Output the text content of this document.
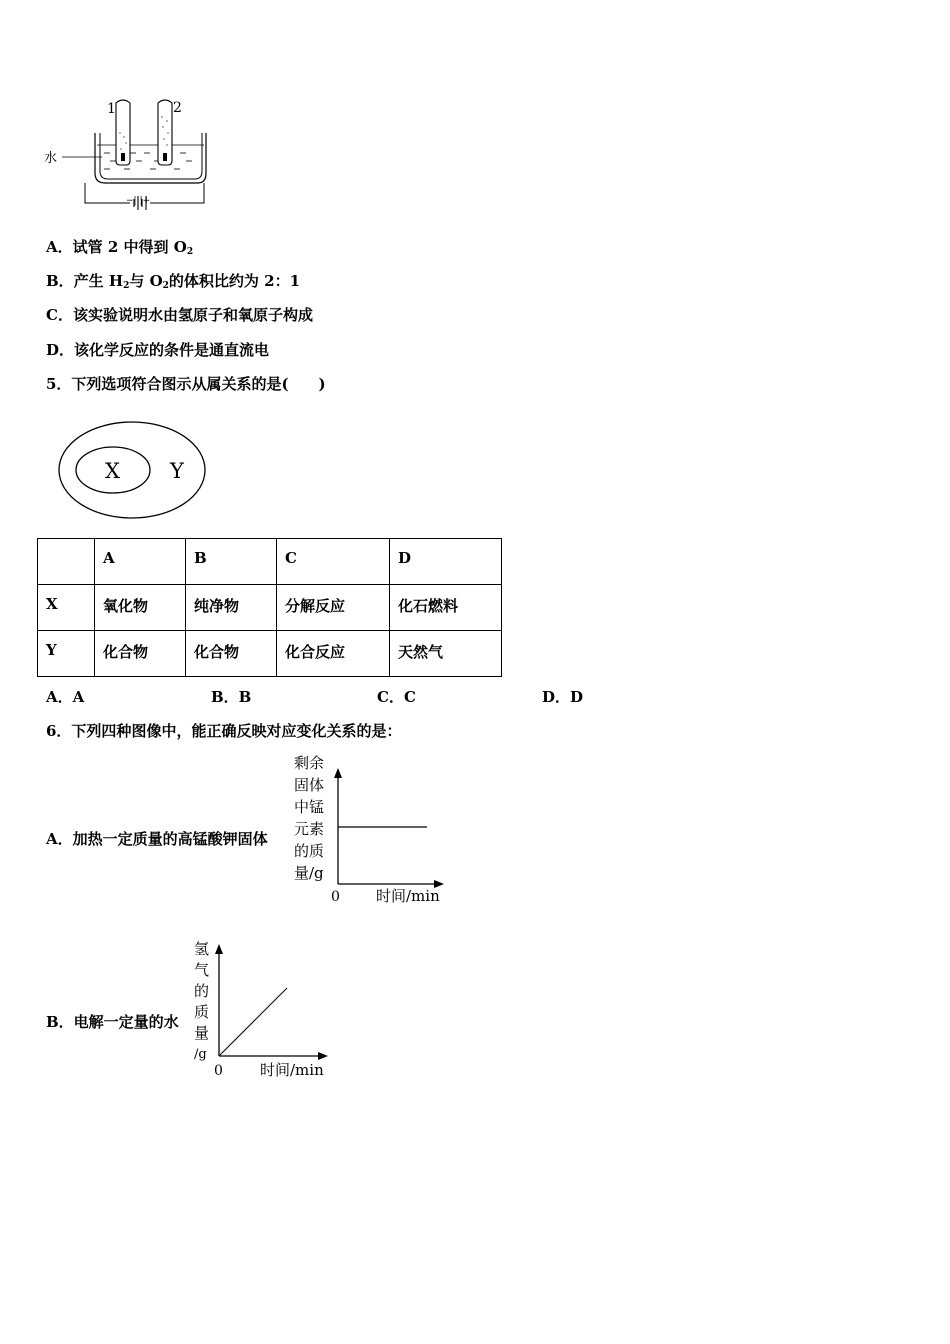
1	2
水
−|||+
A．试管 2 中得到 $O_2$
B．产生 $H_2$与 $O_2$的体积比约为 2：1
C．该实验说明水由氢原子和氧原子构成
D．该化学反应的条件是通直流电
5．下列选项符合图示从属关系的是(　　)
X Y
	A	B	C	D
X	氧化物	纯净物	分解反应	化石燃料
Y	化合物	化合物	化合反应	天然气
A．A	B．B	C．C	D．D
6．下列四种图像中，能正确反映对应变化关系的是：
A．加热一定质量的高锰酸钾固体
剩余
固体
中锰
元素
的质
量/g
0 时间/min
B．电解一定量的水
氢
气
的
质
量
/g
0 时间/min
